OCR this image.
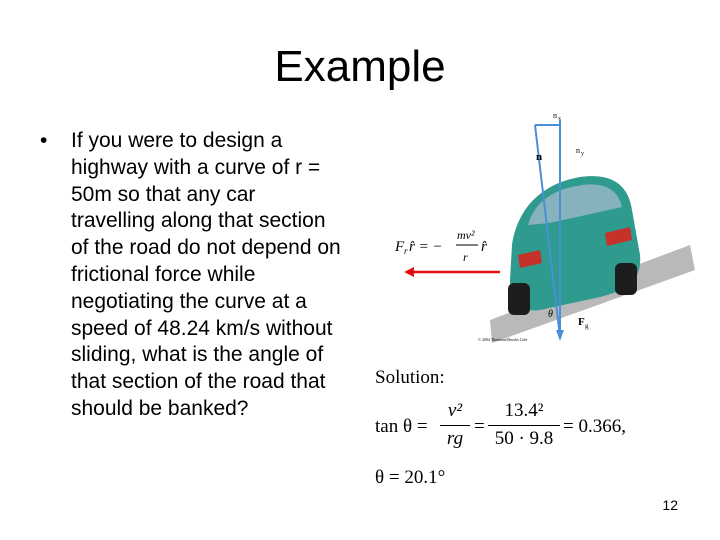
Example
• If you were to design a highway with a curve of r = 50m so that any car travelling along that section of the road do not depend on frictional force while negotiating the curve at a speed of 48.24 km/s without sliding, what is the angle of that section of the road that should be banked?
n x
n y
n
θ
F g
F r r̂ = −
mv²
r
r̂
© 2004 Thomson/Brooks Cole
Solution:
tan θ =
v²
rg
=
13.4²
50 · 9.8
= 0.366,
θ = 20.1°
12
